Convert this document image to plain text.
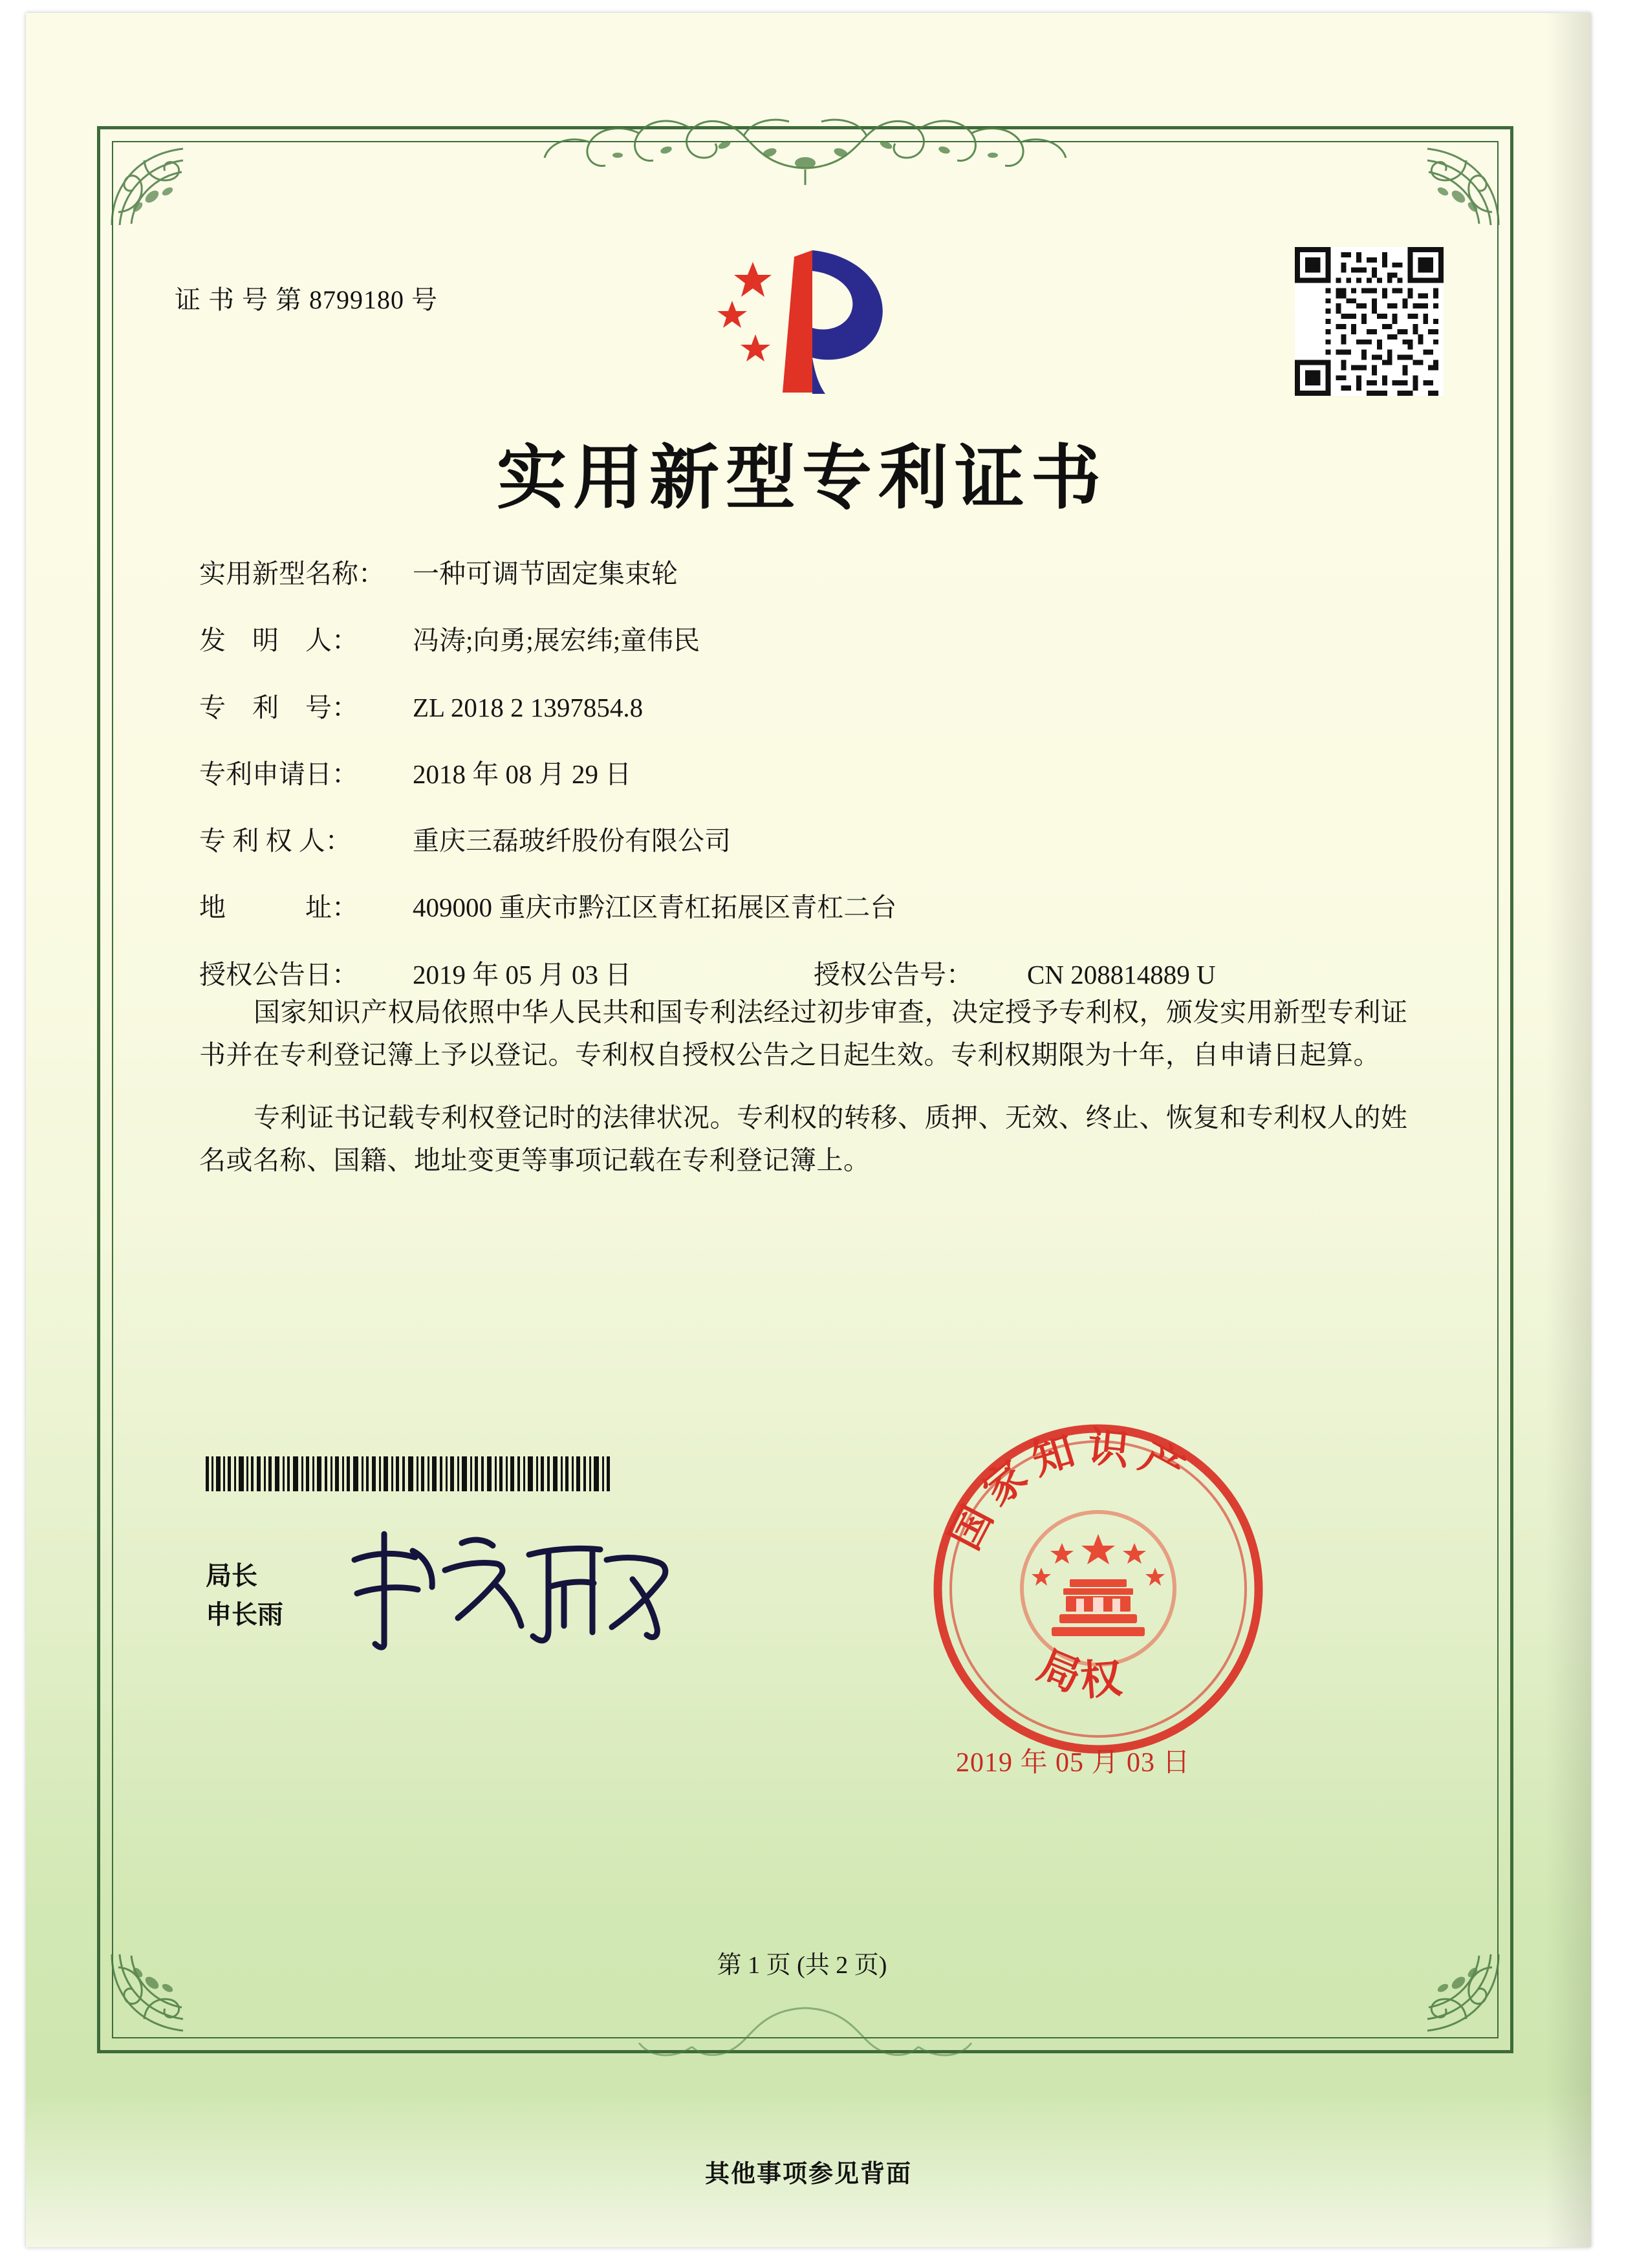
证 书 号 第 8799180 号
实用新型专利证书
实用新型名称：	一种可调节固定集束轮
发　明　人：	冯涛;向勇;展宏纬;童伟民
专　利　号：	ZL 2018 2 1397854.8
专利申请日：	2018 年 08 月 29 日
专 利 权 人：	重庆三磊玻纤股份有限公司
地　　　址：	409000 重庆市黔江区青杠拓展区青杠二台
授权公告日：	2019 年 05 月 03 日	授权公告号：	CN 208814889 U
国家知识产权局依照中华人民共和国专利法经过初步审查，决定授予专利权，颁发实用新型专利证书并在专利登记簿上予以登记。专利权自授权公告之日起生效。专利权期限为十年，自申请日起算。
专利证书记载专利权登记时的法律状况。专利权的转移、质押、无效、终止、恢复和专利权人的姓名或名称、国籍、地址变更等事项记载在专利登记簿上。
局长
申长雨
国家知识产
局权
2019 年 05 月 03 日
第 1 页 (共 2 页)
其他事项参见背面
